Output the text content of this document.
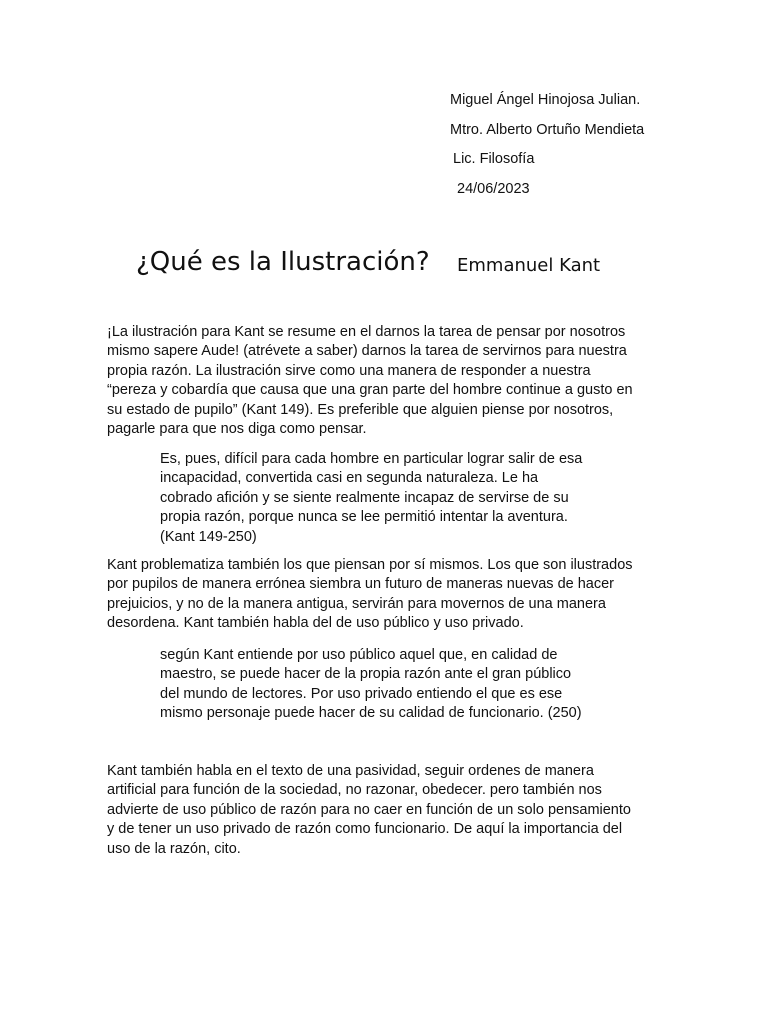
Miguel Ángel Hinojosa Julian.
Mtro. Alberto Ortuño Mendieta
Lic. Filosofía
24/06/2023
¿Qué es la Ilustración? Emmanuel Kant
¡La ilustración para Kant se resume en el darnos la tarea de pensar por nosotros
mismo sapere Aude! (atrévete a saber) darnos la tarea de servirnos para nuestra
propia razón. La ilustración sirve como una manera de responder a nuestra
“pereza y cobardía que causa que una gran parte del hombre continue a gusto en
su estado de pupilo” (Kant 149). Es preferible que alguien piense por nosotros,
pagarle para que nos diga como pensar.
Es, pues, difícil para cada hombre en particular lograr salir de esa
incapacidad, convertida casi en segunda naturaleza. Le ha
cobrado afición y se siente realmente incapaz de servirse de su
propia razón, porque nunca se lee permitió intentar la aventura.
(Kant 149-250)
Kant problematiza también los que piensan por sí mismos. Los que son ilustrados
por pupilos de manera errónea siembra un futuro de maneras nuevas de hacer
prejuicios, y no de la manera antigua, servirán para movernos de una manera
desordena. Kant también habla del de uso público y uso privado.
según Kant entiende por uso público aquel que, en calidad de
maestro, se puede hacer de la propia razón ante el gran público
del mundo de lectores. Por uso privado entiendo el que es ese
mismo personaje puede hacer de su calidad de funcionario. (250)
Kant también habla en el texto de una pasividad, seguir ordenes de manera
artificial para función de la sociedad, no razonar, obedecer. pero también nos
advierte de uso público de razón para no caer en función de un solo pensamiento
y de tener un uso privado de razón como funcionario. De aquí la importancia del
uso de la razón, cito.
